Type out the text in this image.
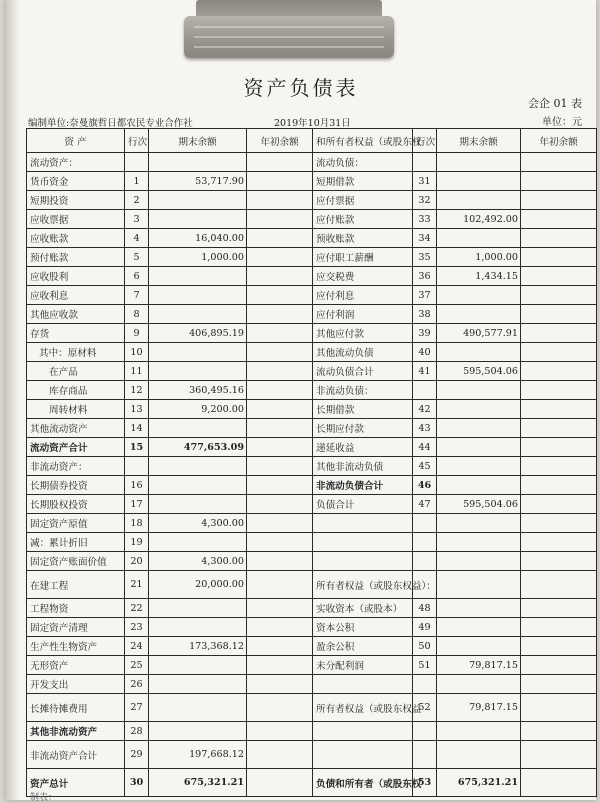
资产负债表
会企 01 表
编制单位:奈曼旗哲日都农民专业合作社	2019年10月31日	单位：元
资 产	行次	期末余额	年初余额	和所有者权益（或股东权	行次	期末余额	年初余额
流动资产：				流动负债：			
货币资金	1	53,717.90		短期借款	31		
短期投资	2			应付票据	32		
应收票据	3			应付账款	33	102,492.00	
应收账款	4	16,040.00		预收账款	34		
预付账款	5	1,000.00		应付职工薪酬	35	1,000.00	
应收股利	6			应交税费	36	1,434.15	
应收利息	7			应付利息	37		
其他应收款	8			应付利润	38		
存货	9	406,895.19		其他应付款	39	490,577.91	
其中：原材料	10			其他流动负债	40		
在产品	11			流动负债合计	41	595,504.06	
库存商品	12	360,495.16		非流动负债：			
周转材料	13	9,200.00		长期借款	42		
其他流动资产	14			长期应付款	43		
流动资产合计	15	477,653.09		递延收益	44		
非流动资产：				其他非流动负债	45		
长期债券投资	16			非流动负债合计	46		
长期股权投资	17			负债合计	47	595,504.06	
固定资产原值	18	4,300.00					
减：累计折旧	19						
固定资产账面价值	20	4,300.00					
在建工程	21	20,000.00		所有者权益（或股东权益）：			
工程物资	22			实收资本（或股本）	48		
固定资产清理	23			资本公积	49		
生产性生物资产	24	173,368.12		盈余公积	50		
无形资产	25			未分配利润	51	79,817.15	
开发支出	26						
长摊待摊费用	27			所有者权益（或股东权益	52	79,817.15	
其他非流动资产	28						
非流动资产合计	29	197,668.12					
资产总计	30	675,321.21		负债和所有者（或股东权	53	675,321.21	
制表：
